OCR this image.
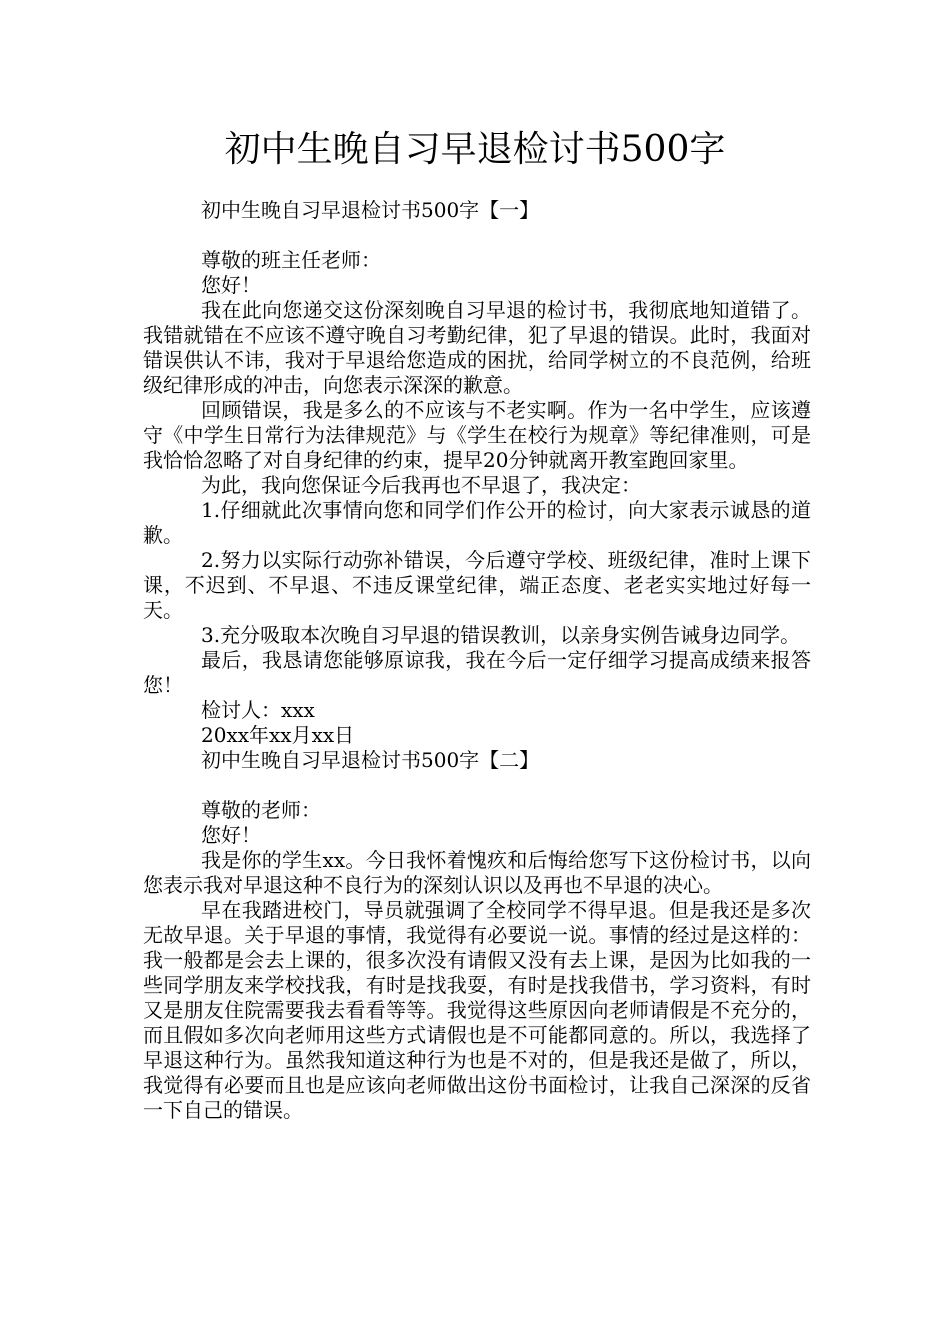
初中生晚自习早退检讨书500字

初中生晚自习早退检讨书500字【一】

尊敬的班主任老师：

您好！

我在此向您递交这份深刻晚自习早退的检讨书，我彻底地知道错了。我错就错在不应该不遵守晚自习考勤纪律，犯了早退的错误。此时，我面对错误供认不讳，我对于早退给您造成的困扰，给同学树立的不良范例，给班级纪律形成的冲击，向您表示深深的歉意。

回顾错误，我是多么的不应该与不老实啊。作为一名中学生，应该遵守《中学生日常行为法律规范》与《学生在校行为规章》等纪律准则，可是我恰恰忽略了对自身纪律的约束，提早20分钟就离开教室跑回家里。

为此，我向您保证今后我再也不早退了，我决定：

1.仔细就此次事情向您和同学们作公开的检讨，向大家表示诚恳的道歉。

2.努力以实际行动弥补错误，今后遵守学校、班级纪律，准时上课下课，不迟到、不早退、不违反课堂纪律，端正态度、老老实实地过好每一天。

3.充分吸取本次晚自习早退的错误教训，以亲身实例告诫身边同学。

最后，我恳请您能够原谅我，我在今后一定仔细学习提高成绩来报答您！

检讨人：xxx

20xx年xx月xx日

初中生晚自习早退检讨书500字【二】

尊敬的老师：

您好！

我是你的学生xx。今日我怀着愧疚和后悔给您写下这份检讨书，以向您表示我对早退这种不良行为的深刻认识以及再也不早退的决心。

早在我踏进校门，导员就强调了全校同学不得早退。但是我还是多次无故早退。关于早退的事情，我觉得有必要说一说。事情的经过是这样的：我一般都是会去上课的，很多次没有请假又没有去上课，是因为比如我的一些同学朋友来学校找我，有时是找我耍，有时是找我借书，学习资料，有时又是朋友住院需要我去看看等等。我觉得这些原因向老师请假是不充分的，而且假如多次向老师用这些方式请假也是不可能都同意的。所以，我选择了早退这种行为。虽然我知道这种行为也是不对的，但是我还是做了，所以，我觉得有必要而且也是应该向老师做出这份书面检讨，让我自己深深的反省一下自己的错误。
